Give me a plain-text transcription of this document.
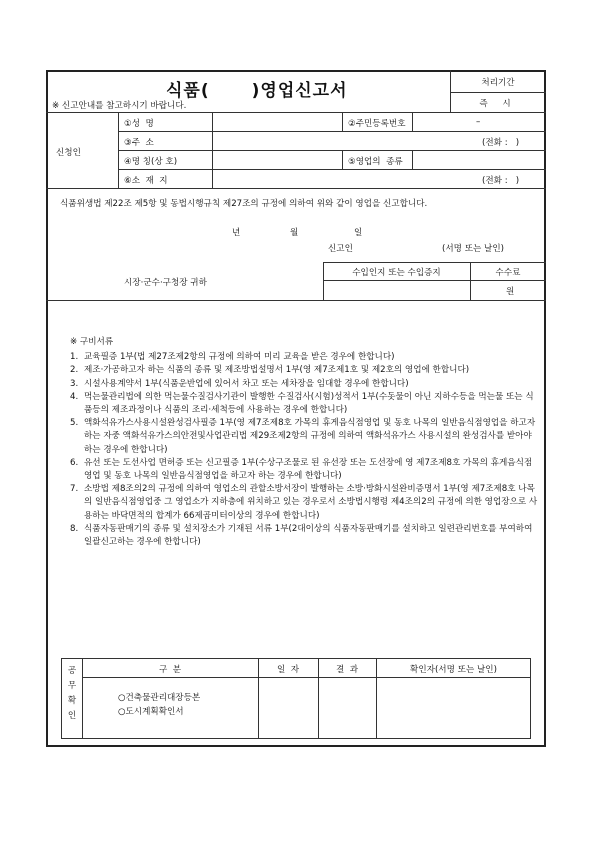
식품( )영업신고서
※ 신고안내를 참고하시기 바랍니다.
처리기간
즉 시
신청인
①성  명	②주민등록번호	–
③주  소	(전화 :   )
④명 칭(상 호)	⑤영업의  종류
⑥소  재  지	(전화 :   )
식품위생법 제22조 제5항 및 동법시행규칙 제27조의 규정에 의하여 위와 같이 영업을 신고합니다.
년	월	일
신고인	(서명 또는 날인)
시장·군수·구청장 귀하
수입인지 또는 수입증지	수수료
원
※ 구비서류
1. 교육필증 1부(법 제27조제2항의 규정에 의하여 미리 교육을 받은 경우에 한합니다)
2. 제조·가공하고자 하는 식품의 종류 및 제조방법설명서 1부(영 제7조제1호 및 제2호의 영업에 한합니다)
3. 시설사용계약서 1부(식품운반업에 있어서 차고 또는 세차장을 임대할 경우에 한합니다)
4. 먹는물관리법에 의한 먹는물수질검사기관이 발행한 수질검사(시험)성적서 1부(수돗물이 아닌 지하수등을 먹는물 또는 식품등의 제조과정이나 식품의 조리·세척등에 사용하는 경우에 한합니다)
5. 액화석유가스사용시설완성검사필증 1부(영 제7조제8호 가목의 휴게음식점영업 및 동호 나목의 일반음식점영업을 하고자 하는 자중 액화석유가스의안전및사업관리법 제29조제2항의 규정에 의하여 액화석유가스 사용시설의 완성검사를 받아야 하는 경우에 한합니다)
6. 유선 또는 도선사업 면허증 또는 신고필증 1부(수상구조물로 된 유선장 또는 도선장에 영 제7조제8호 가목의 휴게음식점영업 및 동호 나목의 일반음식점영업을 하고자 하는 경우에 한합니다)
7. 소방법 제8조의2의 규정에 의하여 영업소의 관할소방서장이 발행하는 소방·방화시설완비증명서 1부(영 제7조제8호 나목의 일반음식점영업중 그 영업소가 지하층에 위치하고 있는 경우로서 소방법시행령 제4조의2의 규정에 의한 영업장으로 사용하는 바닥면적의 합계가 66제곱미터이상의 경우에 한합니다)
8. 식품자동판매기의 종류 및 설치장소가 기재된 서류 1부(2대이상의 식품자동판매기를 설치하고 일련관리번호를 부여하여 일괄신고하는 경우에 한합니다)
공
무
확
인
구  분	일  자	결  과	확인자(서명 또는 날인)
○건축물관리대장등본
○도시계획확인서
